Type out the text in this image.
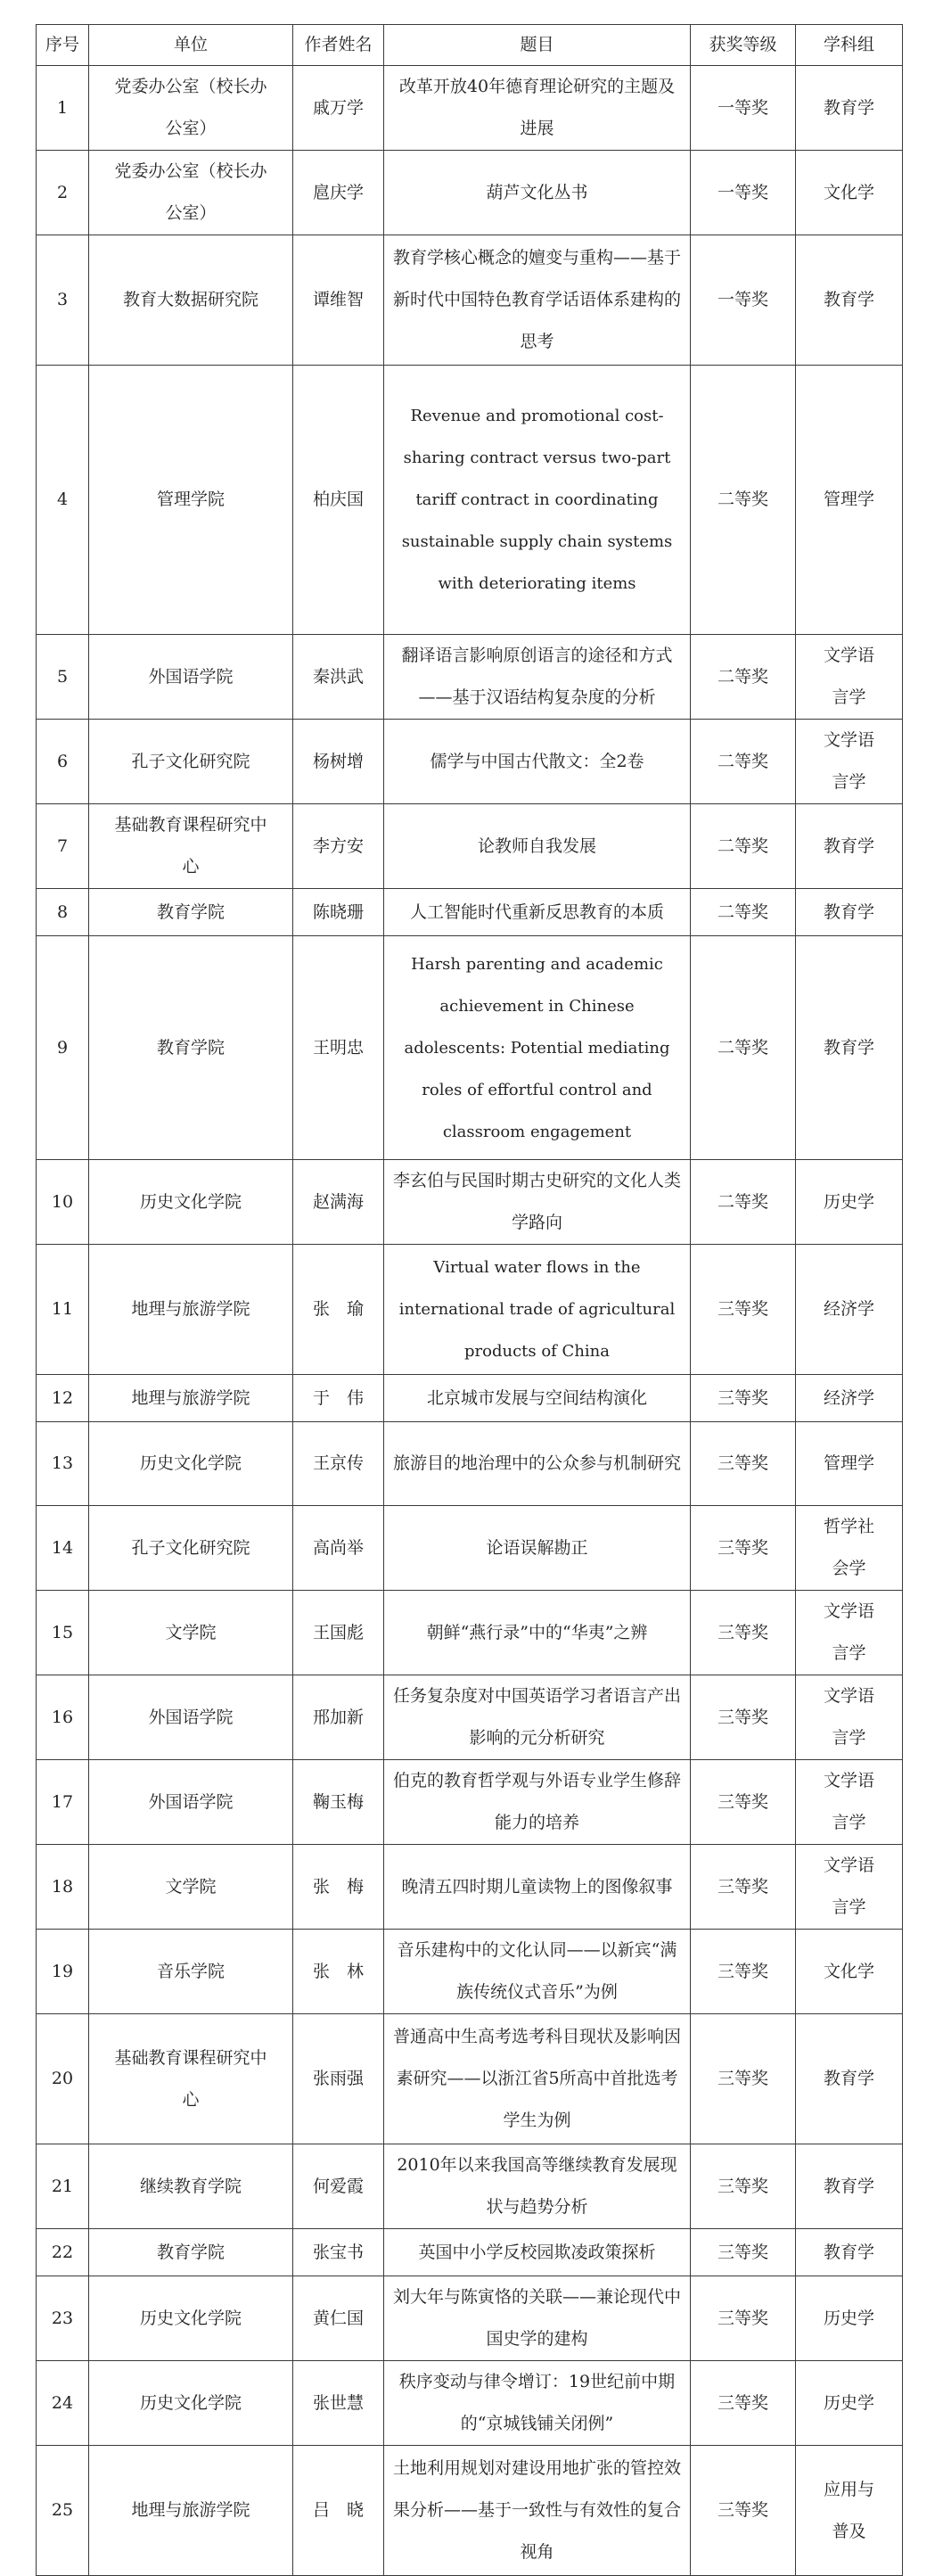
序号	单位	作者姓名	题目	获奖等级	学科组
1	党委办公室（校长办公室）	戚万学	改革开放40年德育理论研究的主题及进展	一等奖	教育学
2	党委办公室（校长办公室）	扈庆学	葫芦文化丛书	一等奖	文化学
3	教育大数据研究院	谭维智	教育学核心概念的嬗变与重构——基于新时代中国特色教育学话语体系建构的思考	一等奖	教育学
4	管理学院	柏庆国	Revenue and promotional cost-sharing contract versus two-part tariff contract in coordinating sustainable supply chain systems with deteriorating items	二等奖	管理学
5	外国语学院	秦洪武	翻译语言影响原创语言的途径和方式——基于汉语结构复杂度的分析	二等奖	文学语言学
6	孔子文化研究院	杨树增	儒学与中国古代散文：全2卷	二等奖	文学语言学
7	基础教育课程研究中心	李方安	论教师自我发展	二等奖	教育学
8	教育学院	陈晓珊	人工智能时代重新反思教育的本质	二等奖	教育学
9	教育学院	王明忠	Harsh parenting and academic achievement in Chinese adolescents: Potential mediating roles of effortful control and classroom engagement	二等奖	教育学
10	历史文化学院	赵满海	李玄伯与民国时期古史研究的文化人类学路向	二等奖	历史学
11	地理与旅游学院	张　瑜	Virtual water flows in the international trade of agricultural products of China	三等奖	经济学
12	地理与旅游学院	于　伟	北京城市发展与空间结构演化	三等奖	经济学
13	历史文化学院	王京传	旅游目的地治理中的公众参与机制研究	三等奖	管理学
14	孔子文化研究院	高尚举	论语误解勘正	三等奖	哲学社会学
15	文学院	王国彪	朝鲜“燕行录”中的“华夷”之辨	三等奖	文学语言学
16	外国语学院	邢加新	任务复杂度对中国英语学习者语言产出影响的元分析研究	三等奖	文学语言学
17	外国语学院	鞠玉梅	伯克的教育哲学观与外语专业学生修辞能力的培养	三等奖	文学语言学
18	文学院	张　梅	晚清五四时期儿童读物上的图像叙事	三等奖	文学语言学
19	音乐学院	张　林	音乐建构中的文化认同——以新宾“满族传统仪式音乐”为例	三等奖	文化学
20	基础教育课程研究中心	张雨强	普通高中生高考选考科目现状及影响因素研究——以浙江省5所高中首批选考学生为例	三等奖	教育学
21	继续教育学院	何爱霞	2010年以来我国高等继续教育发展现状与趋势分析	三等奖	教育学
22	教育学院	张宝书	英国中小学反校园欺凌政策探析	三等奖	教育学
23	历史文化学院	黄仁国	刘大年与陈寅恪的关联——兼论现代中国史学的建构	三等奖	历史学
24	历史文化学院	张世慧	秩序变动与律令增订：19世纪前中期的“京城钱铺关闭例”	三等奖	历史学
25	地理与旅游学院	吕　晓	土地利用规划对建设用地扩张的管控效果分析——基于一致性与有效性的复合视角	三等奖	应用与普及
